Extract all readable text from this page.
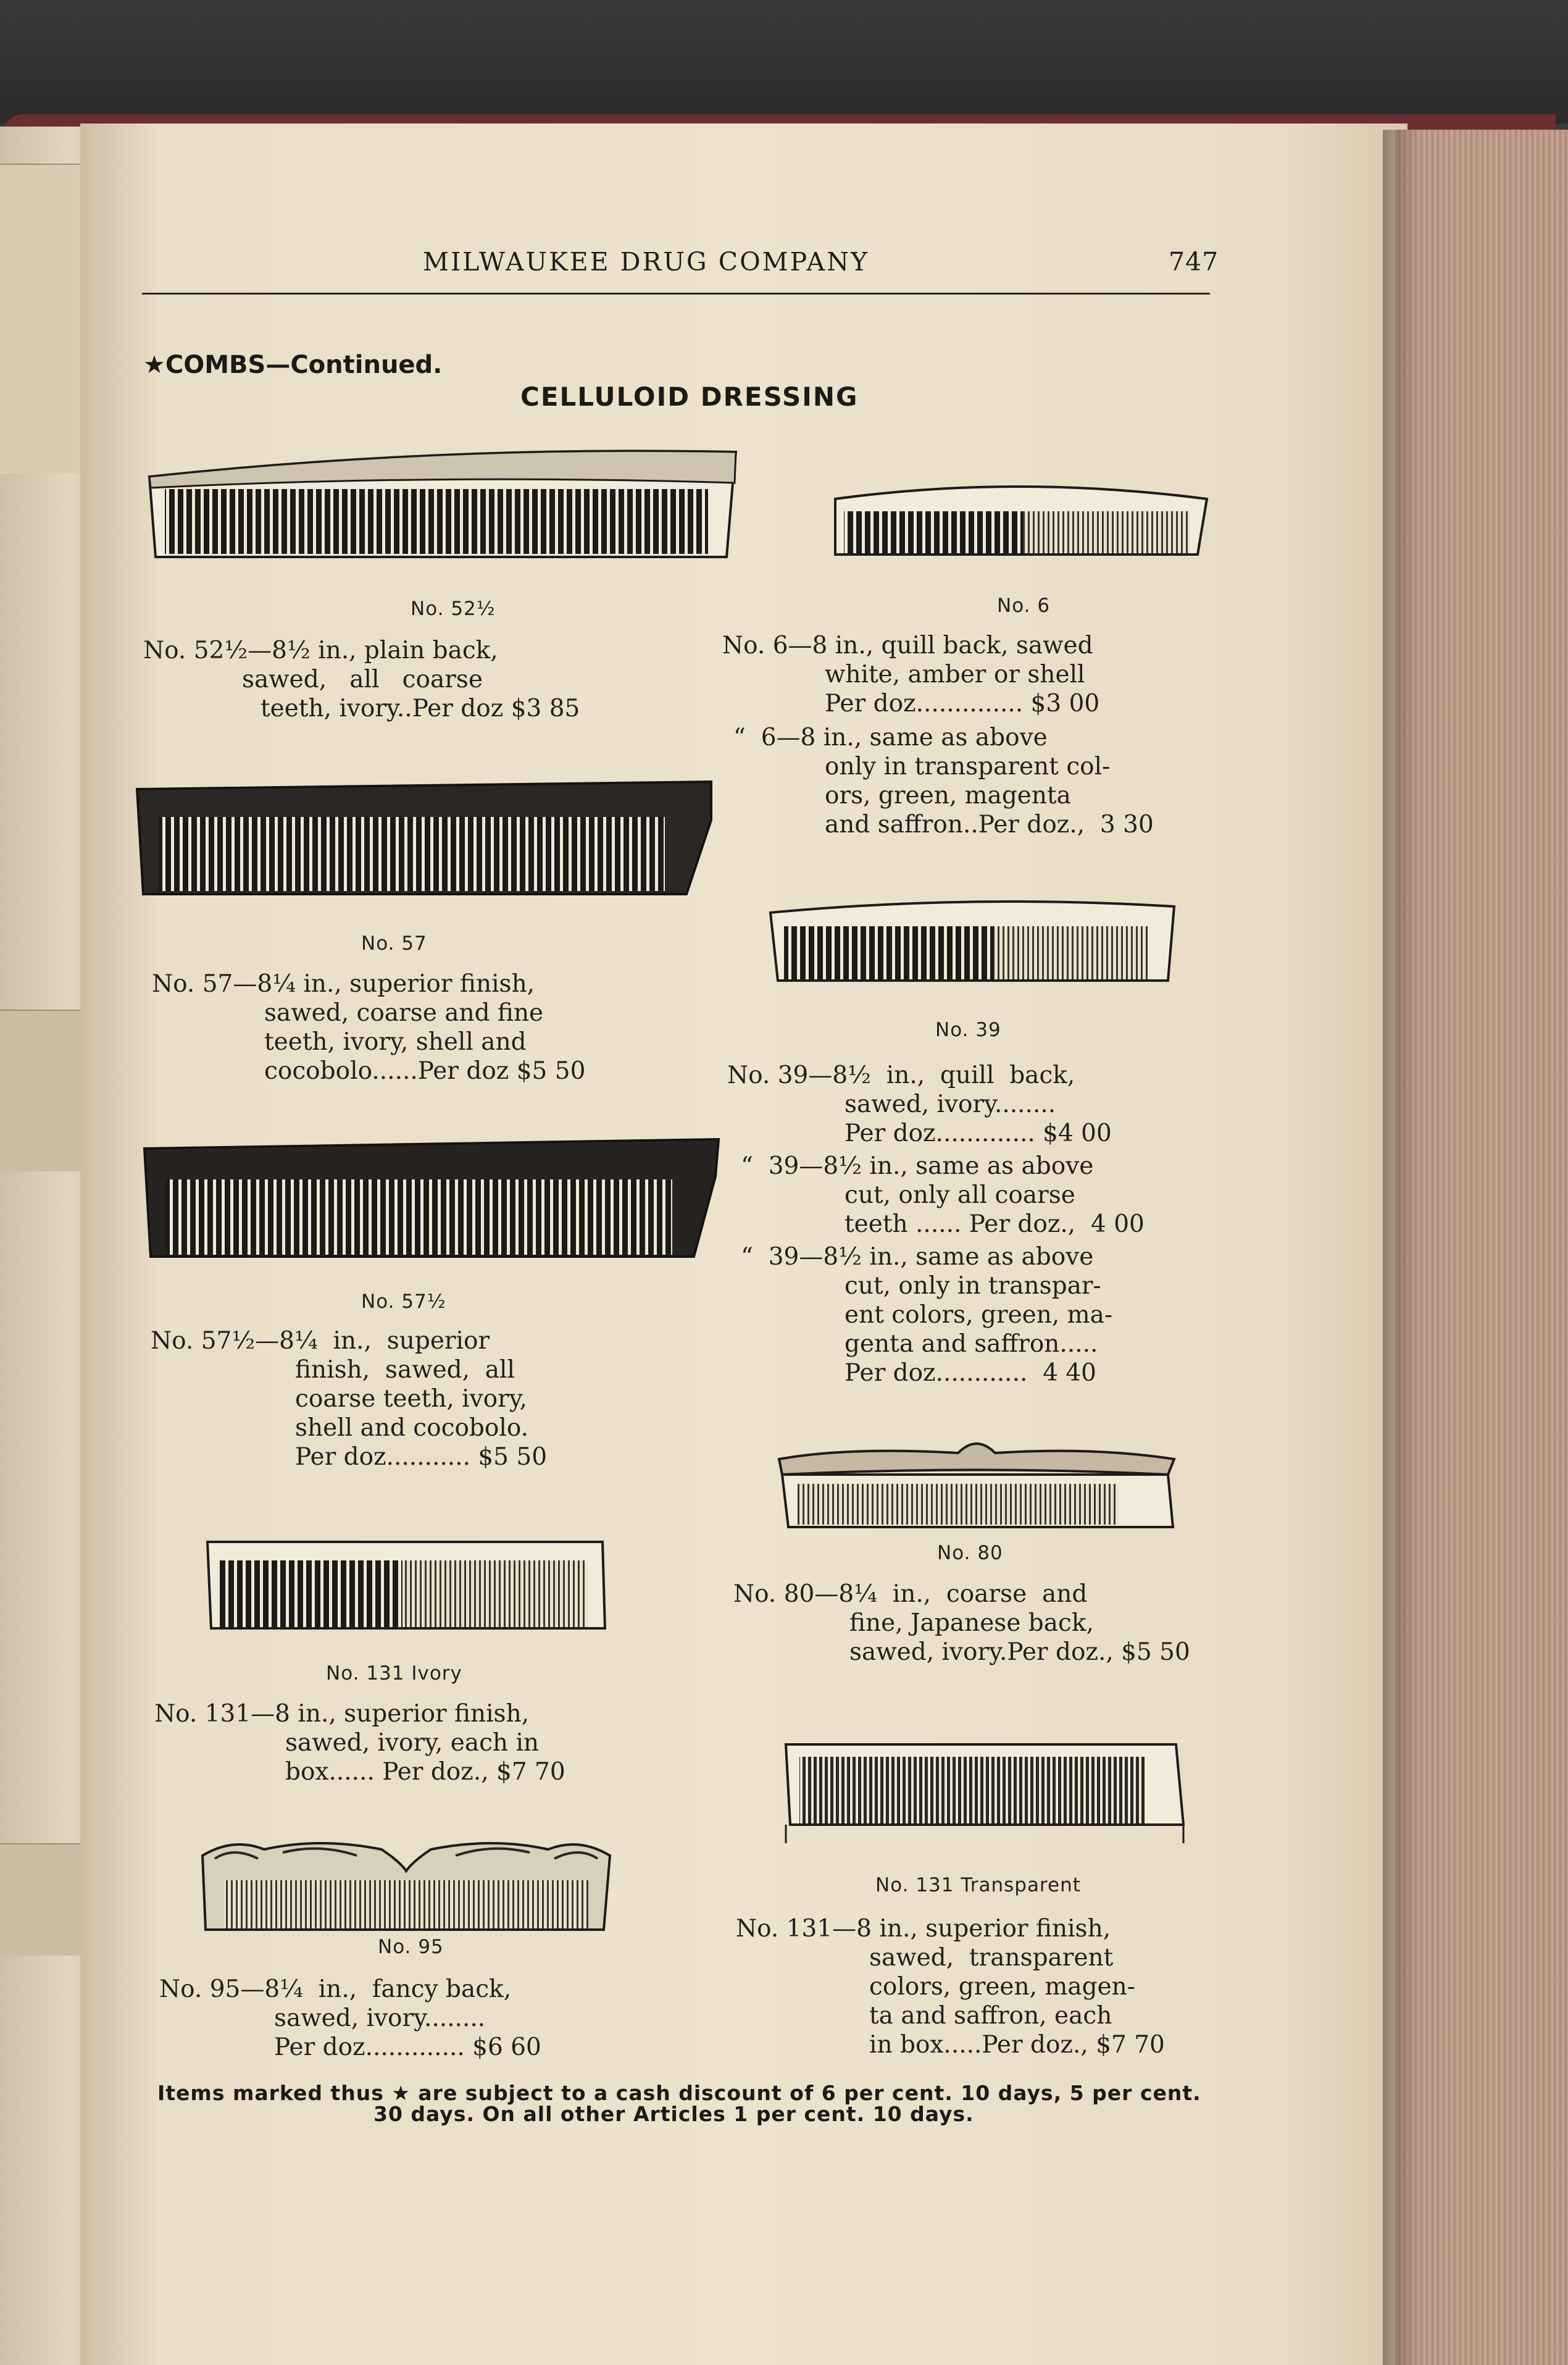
MILWAUKEE DRUG COMPANY	747
★COMBS—Continued.
CELLULOID DRESSING
No. 52½
No. 52½—8½ in., plain back,
sawed,   all   coarse
teeth, ivory..Per doz $3 85
No. 57
No. 57—8¼ in., superior finish,
sawed, coarse and fine
teeth, ivory, shell and
cocobolo......Per doz $5 50
No. 57½
No. 57½—8¼  in.,  superior
finish,  sawed,  all
coarse teeth, ivory,
shell and cocobolo.
Per doz........... $5 50
No. 131 Ivory
No. 131—8 in., superior finish,
sawed, ivory, each in
box...... Per doz., $7 70
No. 95
No. 95—8¼  in.,  fancy back,
sawed, ivory........
Per doz............. $6 60
No. 6
No. 6—8 in., quill back, sawed
white, amber or shell
Per doz.............. $3 00
“  6—8 in., same as above
only in transparent col-
ors, green, magenta
and saffron..Per doz.,  3 30
No. 39
No. 39—8½  in.,  quill  back,
sawed, ivory........
Per doz............. $4 00
“  39—8½ in., same as above
cut, only all coarse
teeth ...... Per doz.,  4 00
“  39—8½ in., same as above
cut, only in transpar-
ent colors, green, ma-
genta and saffron.....
Per doz............  4 40
No. 80
No. 80—8¼  in.,  coarse  and
fine, Japanese back,
sawed, ivory.Per doz., $5 50
No. 131 Transparent
No. 131—8 in., superior finish,
sawed,  transparent
colors, green, magen-
ta and saffron, each
in box.....Per doz., $7 70
Items marked thus ★ are subject to a cash discount of 6 per cent. 10 days, 5 per cent.
30 days. On all other Articles 1 per cent. 10 days.
